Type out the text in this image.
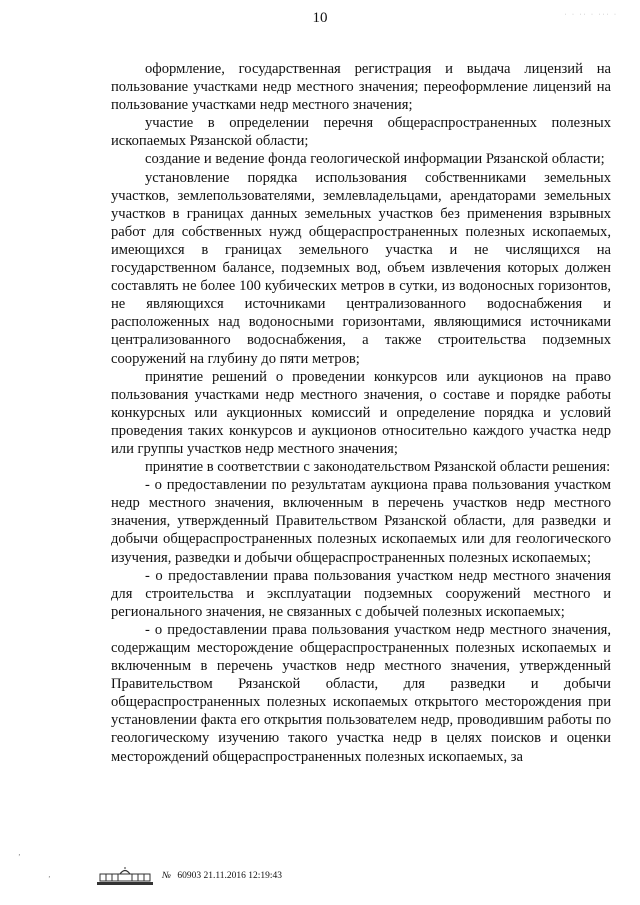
10	· · ·· · ··· ·

оформление, государственная регистрация и выдача лицензий на пользование участками недр местного значения; переоформление лицензий на пользование участками недр местного значения;

участие в определении перечня общераспространенных полезных ископаемых Рязанской области;

создание и ведение фонда геологической информации Рязанской области;

установление порядка использования собственниками земельных участков, землепользователями, землевладельцами, арендаторами земельных участков в границах данных земельных участков без применения взрывных работ для собственных нужд общераспространенных полезных ископаемых, имеющихся в границах земельного участка и не числящихся на государственном балансе, подземных вод, объем извлечения которых должен составлять не более 100 кубических метров в сутки, из водоносных горизонтов, не являющихся источниками централизованного водоснабжения и расположенных над водоносными горизонтами, являющимися источниками централизованного водоснабжения, а также строительства подземных сооружений на глубину до пяти метров;

принятие решений о проведении конкурсов или аукционов на право пользования участками недр местного значения, о составе и порядке работы конкурсных или аукционных комиссий и определение порядка и условий проведения таких конкурсов и аукционов относительно каждого участка недр или группы участков недр местного значения;

принятие в соответствии с законодательством Рязанской области решения:

- о предоставлении по результатам аукциона права пользования участком недр местного значения, включенным в перечень участков недр местного значения, утвержденный Правительством Рязанской области, для разведки и добычи общераспространенных полезных ископаемых или для геологического изучения, разведки и добычи общераспространенных полезных ископаемых;

- о предоставлении права пользования участком недр местного значения для строительства и эксплуатации подземных сооружений местного и регионального значения, не связанных с добычей полезных ископаемых;

- о предоставлении права пользования участком недр местного значения, содержащим месторождение общераспространенных полезных ископаемых и включенным в перечень участков недр местного значения, утвержденный Правительством Рязанской области, для разведки и добычи общераспространенных полезных ископаемых открытого месторождения при установлении факта его открытия пользователем недр, проводившим работы по геологическому изучению такого участка недр в целях поисков и оценки месторождений общераспространенных полезных ископаемых, за

‚
‚	№ 60903 21.11.2016 12:19:43
